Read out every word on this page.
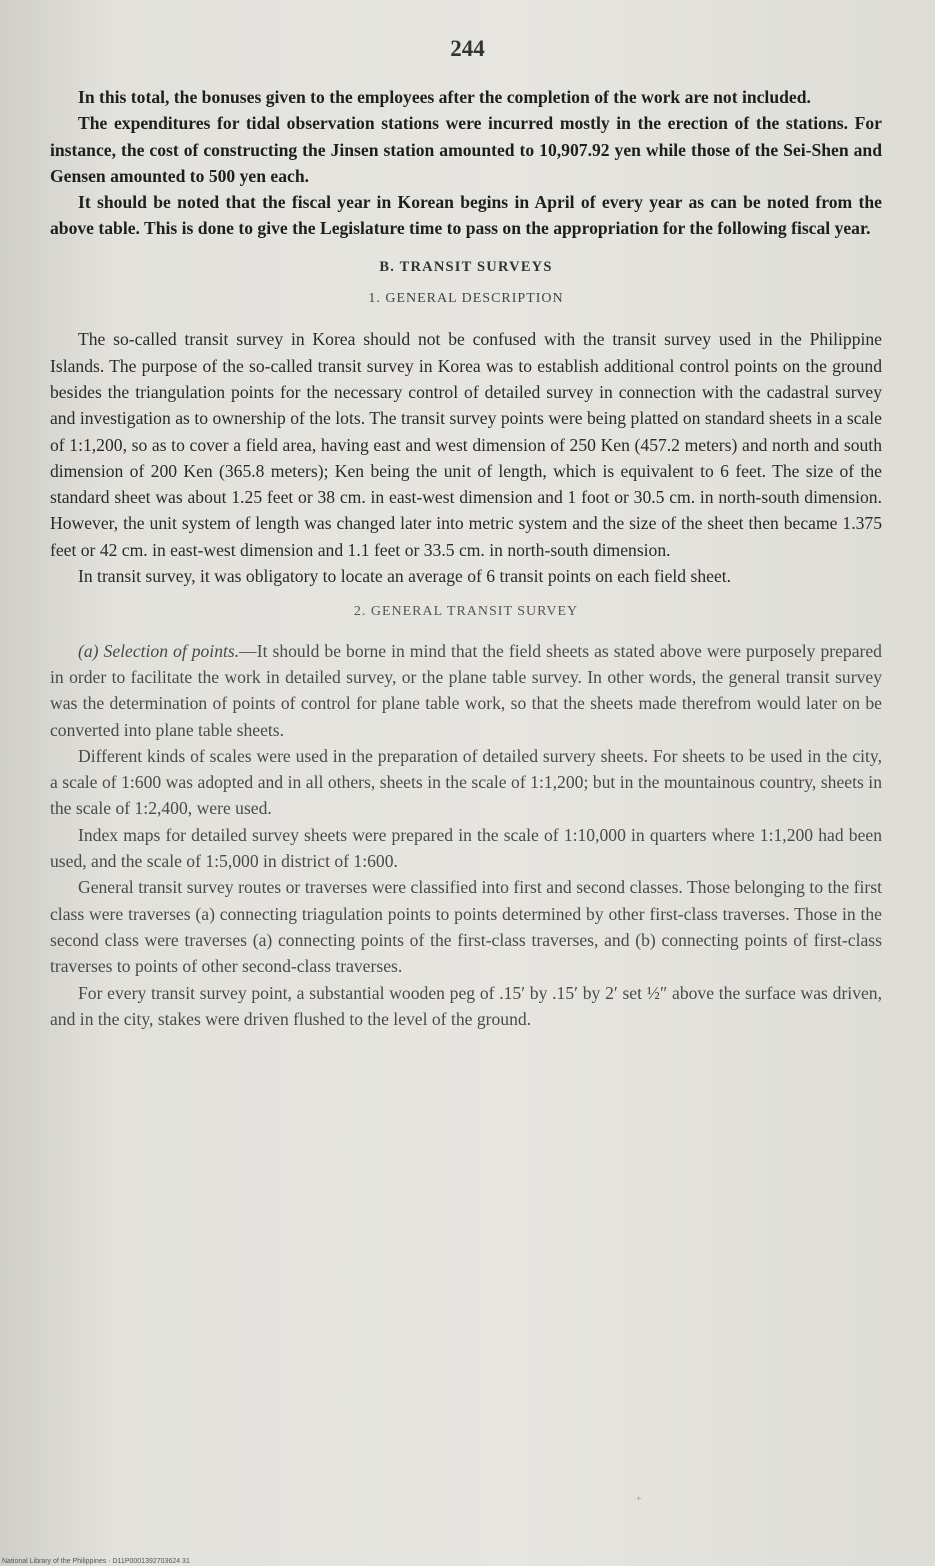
244

In this total, the bonuses given to the employees after the completion of the work are not included.

The expenditures for tidal observation stations were incurred mostly in the erection of the stations. For instance, the cost of constructing the Jinsen station amounted to 10,907.92 yen while those of the Sei-Shen and Gensen amounted to 500 yen each.

It should be noted that the fiscal year in Korean begins in April of every year as can be noted from the above table. This is done to give the Legislature time to pass on the appropriation for the following fiscal year.

B. TRANSIT SURVEYS
1. GENERAL DESCRIPTION

The so-called transit survey in Korea should not be confused with the transit survey used in the Philippine Islands. The purpose of the so-called transit survey in Korea was to establish additional control points on the ground besides the triangulation points for the necessary control of detailed survey in connection with the cadastral survey and investigation as to ownership of the lots. The transit survey points were being platted on standard sheets in a scale of 1:1,200, so as to cover a field area, having east and west dimension of 250 Ken (457.2 meters) and north and south dimension of 200 Ken (365.8 meters); Ken being the unit of length, which is equivalent to 6 feet. The size of the standard sheet was about 1.25 feet or 38 cm. in east-west dimension and 1 foot or 30.5 cm. in north-south dimension. However, the unit system of length was changed later into metric system and the size of the sheet then became 1.375 feet or 42 cm. in east-west dimension and 1.1 feet or 33.5 cm. in north-south dimension.

In transit survey, it was obligatory to locate an average of 6 transit points on each field sheet.

2. GENERAL TRANSIT SURVEY

(a) Selection of points.—It should be borne in mind that the field sheets as stated above were purposely prepared in order to facilitate the work in detailed survey, or the plane table survey. In other words, the general transit survey was the determination of points of control for plane table work, so that the sheets made therefrom would later on be converted into plane table sheets.

Different kinds of scales were used in the preparation of detailed survery sheets. For sheets to be used in the city, a scale of 1:600 was adopted and in all others, sheets in the scale of 1:1,200; but in the mountainous country, sheets in the scale of 1:2,400, were used.

Index maps for detailed survey sheets were prepared in the scale of 1:10,000 in quarters where 1:1,200 had been used, and the scale of 1:5,000 in district of 1:600.

General transit survey routes or traverses were classified into first and second classes. Those belonging to the first class were traverses (a) connecting triagulation points to points determined by other first-class traverses. Those in the second class were traverses (a) connecting points of the first-class traverses, and (b) connecting points of first-class traverses to points of other second-class traverses.

For every transit survey point, a substantial wooden peg of .15′ by .15′ by 2′ set ½″ above the surface was driven, and in the city, stakes were driven flushed to the level of the ground.

+
National Library of the Philippines · D11P0001392703624 31
